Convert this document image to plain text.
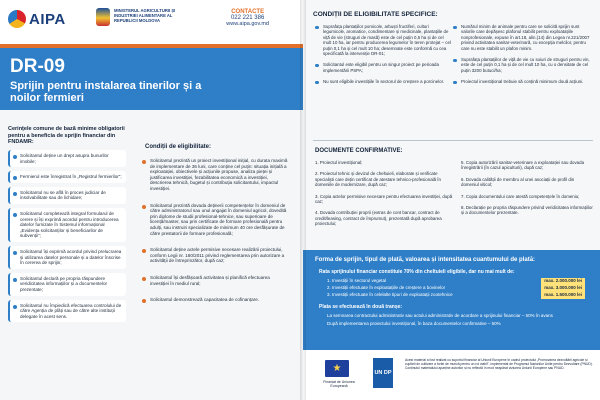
AIPA	MINISTERUL AGRICULTURII ȘI INDUSTRIEI ALIMENTARE AL REPUBLICII MOLDOVA
CONTACTE
022 221 386
www.aipa.gov.md
DR-09
Sprijin pentru instalarea tinerilor și a noilor fermieri
Cerințele comune de bază minime obligatorii pentru a beneficia de sprijin financiar din FNDAMR:
Solicitantul deține un drept asupra bunurilor imobile;
Fermierul este înregistrat în „Registrul fermierilor”;
Solicitantul nu se află în proces judiciar de insolvabilitate sau de lichidare;
Solicitantul completează integral formularul de cerere și își exprimă acordul pentru introducerea datelor furnizate în Sistemul informațional „Evidența solicitanților și beneficiarilor de subvenții”;
Solicitantul își exprimă acordul privind prelucrarea și utilizarea datelor personale și a datelor înscrise în cererea de sprijin;
Solicitantul declară pe propria răspundere veridicitatea informațiilor și a documentelor prezentate;
Solicitantul nu împiedică efectuarea controlului de către Agenția de plăți sau de către alte instituții delegate în acest sens.
Condiții de eligibilitate:
Solicitantul prezintă un proiect investițional inițial, cu durata maximă de implementare de 36 luni, care conține cel puțin: situația inițială a exploatației, obiectivele și acțiunile propuse, analiza pieței și justificarea investiției, fezabilitatea economică a investiției, descrierea tehnică, bugetul și contribuția solicitantului, impactul investiției.
Solicitantul prezintă dovada deținerii competențelor în domeniul de către administratorul sau unul angajat în domeniul agricol, dovedită prin diplome de studii profesional-tehnice, sau superioare de licență/master, sau prin certificate de formare profesională pentru adulți, sau instruiri specializate de minimum 40 ore desfășurate de către prestatorii de formare profesională;
Solicitantul deține actele permisive necesare realizării proiectului, conform Legii nr. 160/2011 privind reglementarea prin autorizare a activității de întreprinzător, după caz;
Solicitantul își desfășoară activitatea și planifică efectuarea investiției în mediul rural;
Solicitantul demonstrează capacitatea de cofinanțare.
CONDIȚII DE ELIGIBILITATE SPECIFICE:
Suprafața plantațiilor pomicole, arbuști fructiferi, culturi legumicole, aromatice, condimentare și medicinale, plantațiile de viță de vie (struguri de masă) este de cel puțin 0,5 ha și de cel mult 10 ha, iar pentru producerea legumelor în teren protejat – cel puțin 0,1 ha și cel mult 10 ha; desemnate este conformă cu cea specificată la intervenție DR-01;
Solicitantul este eligibil pentru un singur proiect pe perioada implementării PSPA;
Nu sunt eligibile investițiile în sectorul de creștere a porcinelor.
Numărul minim de animale pentru care se solicită sprijin sunt valorile care depășesc plafonul stabilit pentru exploatațiile nonprofesionale, expuse în art.18, alin.(14) din Legea nr.221/2007 privind activitatea sanitar-veterinară, cu excepția melcilor, pentru care nu este stabilit un plafon minim.
Suprafața plantațiilor de viță de vie cu soiuri de struguri pentru vin, este de cel puțin 0,1 ha și de cel mult 10 ha, cu o densitate de cel puțin 3200 butuci/ha;
Proiectul investițional trebuie să conțină minimum două acțiuni.
DOCUMENTE CONFIRMATIVE:
1. Proiectul investițional;
2. Proiectul tehnic și devizul de cheltuieli, elaborate și verificate specialiști care dețin certificat de atestare tehnico-profesională în domeniile de modernizare, după caz;
3. Copia actelor permisive necesare pentru efectuarea investiției, după caz;
4. Dovada contribuției proprii (extras de cont bancar, contract de credit/leasing, contract de împrumut), prezentată după aprobarea proiectului;
5. Copia autorizării sanitar-veterinare a exploatației sau dovada înregistrării (în cazul apiculturii), după caz;
6. Dovada calității de membru al unei asociații de profil din domeniul viticol;
7. Copia documentului care atestă competențele în domeniu;
8. Declarație pe propria răspundere privind veridicitatea informațiilor și a documentelor prezentate.
Forma de sprijin, tipul de plată, valoarea și intensitatea cuantumului de plată:
Rata sprijinului financiar constituie 70% din cheltuieli eligibile, dar nu mai mult de:
1. Investiții în sectorul vegetal	max. 2.000.000 lei
2. Investiții efectuate în exploatațiile de creștere a bovinelor	max. 3.000.000 lei
3. Investiții efectuate în celelalte tipuri de exploatații zootehnice	max. 1.500.000 lei
Plata se efectuează în două tranșe:
La semnarea contractului administrativ sau actului administrativ de acordare a sprijinului financiar – 50% în avans
După implementarea proiectului investițional, în baza documentelor confirmative – 50%
★
Finanțat de Uniunea Europeană
UN DP
Acest material a fost realizat cu suportul financiar al Uniunii Europene în cadrul proiectului „Promovarea dezvoltării agricole și cuplării de cultivare a fortei de muncă pentru un rol viabil”, implementat de Programul Națiunilor Unite pentru Dezvoltare (PNUD). Conținutul materialului aparține autorilor și nu reflectă în mod neapărat viziunea Uniunii Europene sau PNUD.
